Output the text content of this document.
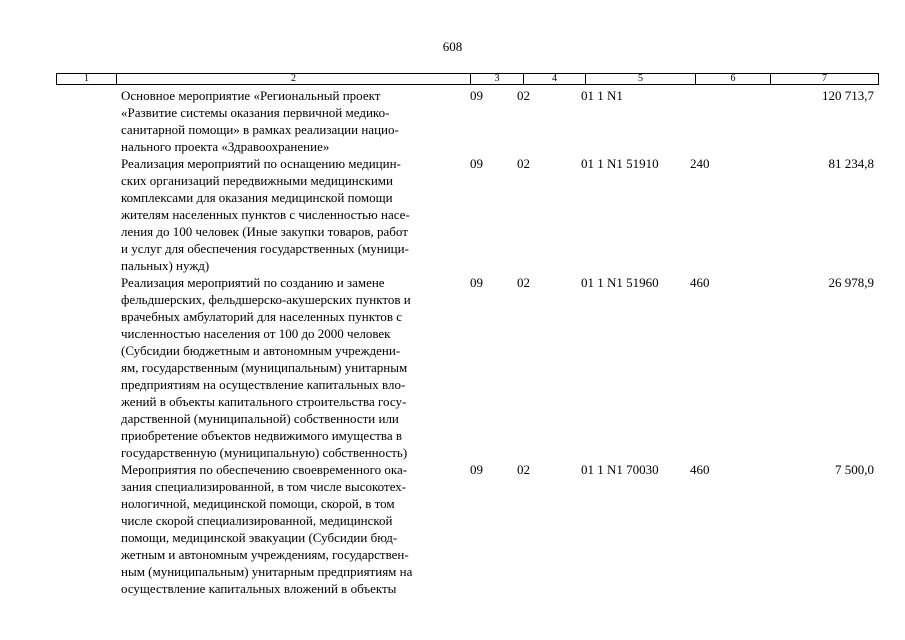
608
1	2	3	4	5	6	7
Основное мероприятие «Региональный проект
«Развитие системы оказания первичной медико-
санитарной помощи» в рамках реализации нацио-
нального проекта «Здравоохранение»
09	02	01 1 N1	120 713,7
Реализация мероприятий по оснащению медицин-
ских организаций передвижными медицинскими
комплексами для оказания медицинской помощи
жителям населенных пунктов с численностью насе-
ления до 100 человек (Иные закупки товаров, работ
и услуг для обеспечения государственных (муници-
пальных) нужд)
09	02	01 1 N1 51910 240	81 234,8
Реализация мероприятий по созданию и замене
фельдшерских, фельдшерско-акушерских пунктов и
врачебных амбулаторий для населенных пунктов с
численностью населения от 100 до 2000 человек
(Субсидии бюджетным и автономным учреждени-
ям, государственным (муниципальным) унитарным
предприятиям на осуществление капитальных вло-
жений в объекты капитального строительства госу-
дарственной (муниципальной) собственности или
приобретение объектов недвижимого имущества в
государственную (муниципальную) собственность)
09	02	01 1 N1 51960 460	26 978,9
Мероприятия по обеспечению своевременного ока-
зания специализированной, в том числе высокотех-
нологичной, медицинской помощи, скорой, в том
числе скорой специализированной, медицинской
помощи, медицинской эвакуации (Субсидии бюд-
жетным и автономным учреждениям, государствен-
ным (муниципальным) унитарным предприятиям на
осуществление капитальных вложений в объекты
09	02	01 1 N1 70030 460	7 500,0
